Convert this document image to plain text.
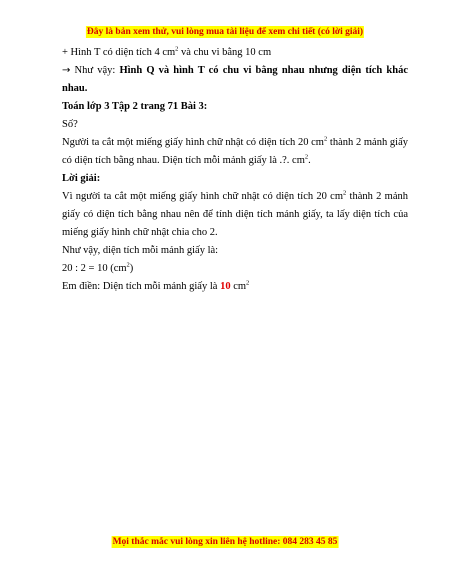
Đây là bản xem thử, vui lòng mua tài liệu để xem chi tiết (có lời giải)

+ Hình T có diện tích 4 $cm^2$ và chu vi bằng 10 cm

→ Như vậy: Hình Q và hình T có chu vi bằng nhau nhưng diện tích khác nhau.

Toán lớp 3 Tập 2 trang 71 Bài 3:

Số?

Người ta cắt một miếng giấy hình chữ nhật có diện tích 20 $cm^2$ thành 2 mảnh giấy có diện tích bằng nhau. Diện tích mỗi mảnh giấy là .?. $cm^2$.

Lời giải:

Vì người ta cắt một miếng giấy hình chữ nhật có diện tích 20 $cm^2$ thành 2 mảnh giấy có diện tích bằng nhau nên để tính diện tích mảnh giấy, ta lấy diện tích của miếng giấy hình chữ nhật chia cho 2.

Như vậy, diện tích mỗi mảnh giấy là:

20 : 2 = 10 $(cm^2)$

Em điền: Diện tích mỗi mảnh giấy là 10 $cm^2$

Mọi thắc mắc vui lòng xin liên hệ hotline: 084 283 45 85
